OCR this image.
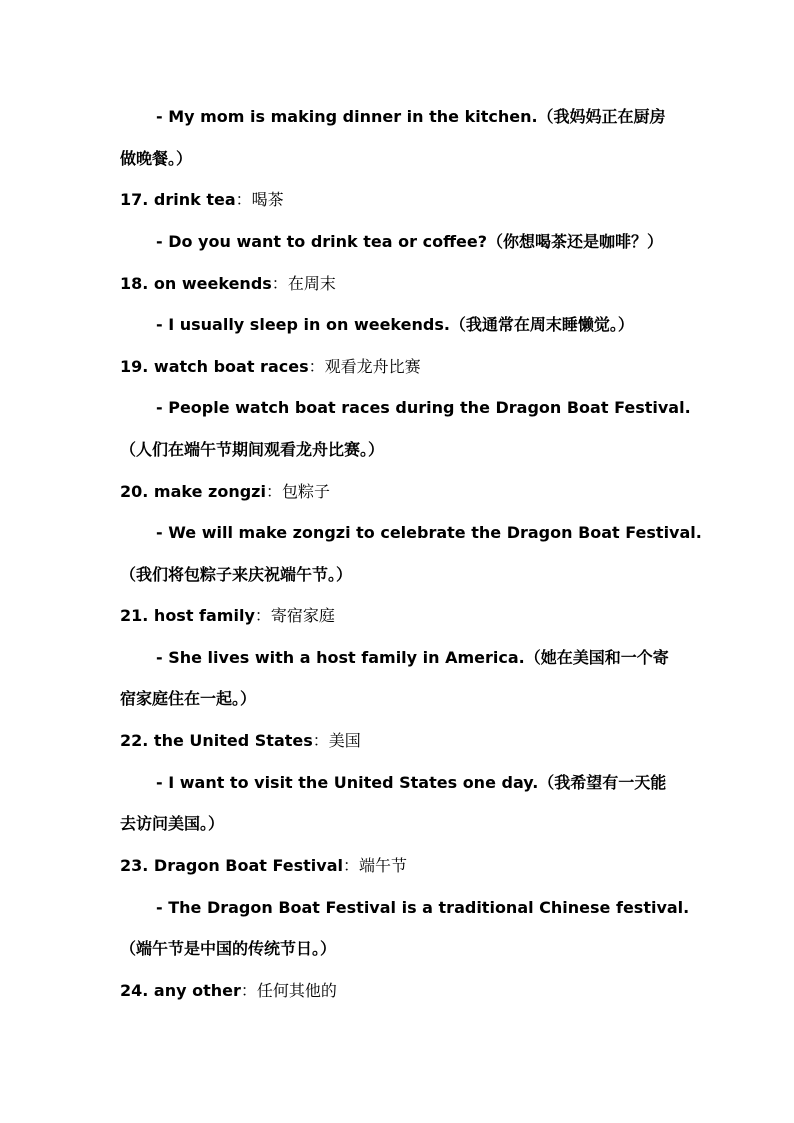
- My mom is making dinner in the kitchen.（我妈妈正在厨房
做晚餐。）
17. drink tea：喝茶
- Do you want to drink tea or coffee?（你想喝茶还是咖啡？）
18. on weekends：在周末
- I usually sleep in on weekends.（我通常在周末睡懒觉。）
19. watch boat races：观看龙舟比赛
- People watch boat races during the Dragon Boat Festival.
（人们在端午节期间观看龙舟比赛。）
20. make zongzi：包粽子
- We will make zongzi to celebrate the Dragon Boat Festival.
（我们将包粽子来庆祝端午节。）
21. host family：寄宿家庭
- She lives with a host family in America.（她在美国和一个寄
宿家庭住在一起。）
22. the United States：美国
- I want to visit the United States one day.（我希望有一天能
去访问美国。）
23. Dragon Boat Festival：端午节
- The Dragon Boat Festival is a traditional Chinese festival.
（端午节是中国的传统节日。）
24. any other：任何其他的
